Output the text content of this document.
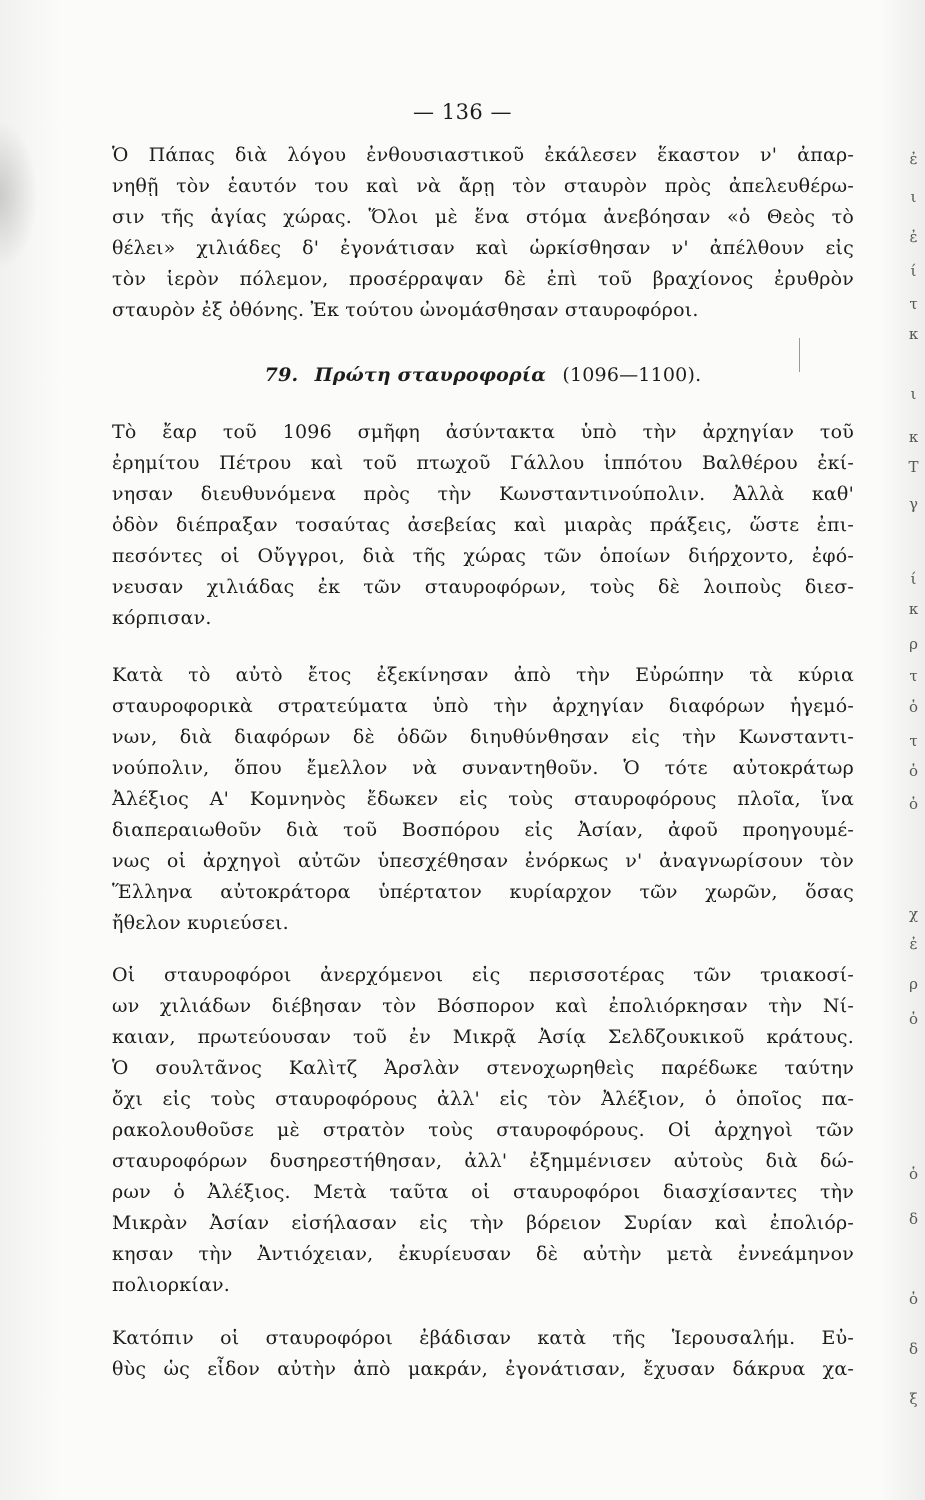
— 136 —
Ὁ Πάπας διὰ λόγου ἐνθουσιαστικοῦ ἐκάλεσεν ἕκαστον ν' ἀπαρ-
νηθῇ τὸν ἑαυτόν του καὶ νὰ ἄρῃ τὸν σταυρὸν πρὸς ἀπελευθέρω-
σιν τῆς ἁγίας χώρας. Ὅλοι μὲ ἕνα στόμα ἀνεβόησαν «ὁ Θεὸς τὸ
θέλει» χιλιάδες δ' ἐγονάτισαν καὶ ὡρκίσθησαν ν' ἀπέλθουν εἰς
τὸν ἱερὸν πόλεμον, προσέρραψαν δὲ ἐπὶ τοῦ βραχίονος ἐρυθρὸν
σταυρὸν ἐξ ὀθόνης. Ἐκ τούτου ὠνομάσθησαν σταυροφόροι.
79. Πρώτη σταυροφορία (1096—1100).
Τὸ ἔαρ τοῦ 1096 σμῆφη ἀσύντακτα ὑπὸ τὴν ἀρχηγίαν τοῦ
ἐρημίτου Πέτρου καὶ τοῦ πτωχοῦ Γάλλου ἱππότου Βαλθέρου ἐκί-
νησαν διευθυνόμενα πρὸς τὴν Κωνσταντινούπολιν. Ἀλλὰ καθ'
ὁδὸν διέπραξαν τοσαύτας ἀσεβείας καὶ μιαρὰς πράξεις, ὥστε ἐπι-
πεσόντες οἱ Οὔγγροι, διὰ τῆς χώρας τῶν ὁποίων διήρχοντο, ἐφό-
νευσαν χιλιάδας ἐκ τῶν σταυροφόρων, τοὺς δὲ λοιποὺς διεσ-
κόρπισαν.
Κατὰ τὸ αὐτὸ ἔτος ἐξεκίνησαν ἀπὸ τὴν Εὐρώπην τὰ κύρια
σταυροφορικὰ στρατεύματα ὑπὸ τὴν ἀρχηγίαν διαφόρων ἡγεμό-
νων, διὰ διαφόρων δὲ ὁδῶν διηυθύνθησαν εἰς τὴν Κωνσταντι-
νούπολιν, ὅπου ἔμελλον νὰ συναντηθοῦν. Ὁ τότε αὐτοκράτωρ
Ἀλέξιος Α' Κομνηνὸς ἔδωκεν εἰς τοὺς σταυροφόρους πλοῖα, ἵνα
διαπεραιωθοῦν διὰ τοῦ Βοσπόρου εἰς Ἀσίαν, ἀφοῦ προηγουμέ-
νως οἱ ἀρχηγοὶ αὐτῶν ὑπεσχέθησαν ἐνόρκως ν' ἀναγνωρίσουν τὸν
Ἕλληνα αὐτοκράτορα ὑπέρτατον κυρίαρχον τῶν χωρῶν, ὅσας
ἤθελον κυριεύσει.
Οἱ σταυροφόροι ἀνερχόμενοι εἰς περισσοτέρας τῶν τριακοσί-
ων χιλιάδων διέβησαν τὸν Βόσπορον καὶ ἐπολιόρκησαν τὴν Νί-
καιαν, πρωτεύουσαν τοῦ ἐν Μικρᾷ Ἀσίᾳ Σελδζουκικοῦ κράτους.
Ὁ σουλτᾶνος Καλὶτζ Ἀρσλὰν στενοχωρηθεὶς παρέδωκε ταύτην
ὄχι εἰς τοὺς σταυροφόρους ἀλλ' εἰς τὸν Ἀλέξιον, ὁ ὁποῖος πα-
ρακολουθοῦσε μὲ στρατὸν τοὺς σταυροφόρους. Οἱ ἀρχηγοὶ τῶν
σταυροφόρων δυσηρεστήθησαν, ἀλλ' ἐξημμένισεν αὐτοὺς διὰ δώ-
ρων ὁ Ἀλέξιος. Μετὰ ταῦτα οἱ σταυροφόροι διασχίσαντες τὴν
Μικρὰν Ἀσίαν εἰσήλασαν εἰς τὴν βόρειον Συρίαν καὶ ἐπολιόρ-
κησαν τὴν Ἀντιόχειαν, ἐκυρίευσαν δὲ αὐτὴν μετὰ ἐννεάμηνον
πολιορκίαν.
Κατόπιν οἱ σταυροφόροι ἐβάδισαν κατὰ τῆς Ἱερουσαλήμ. Εὐ-
θὺς ὡς εἶδον αὐτὴν ἀπὸ μακράν, ἐγονάτισαν, ἔχυσαν δάκρυα χα-
ἐ
ι
ἐ
ί
τ
κ
ι
κ
Τ
γ
ί
κ
ρ
τ
ὁ
τ
ὁ
ὁ
χ
ἐ
ρ
ὁ
ὁ
δ
ὁ
δ
ξ
